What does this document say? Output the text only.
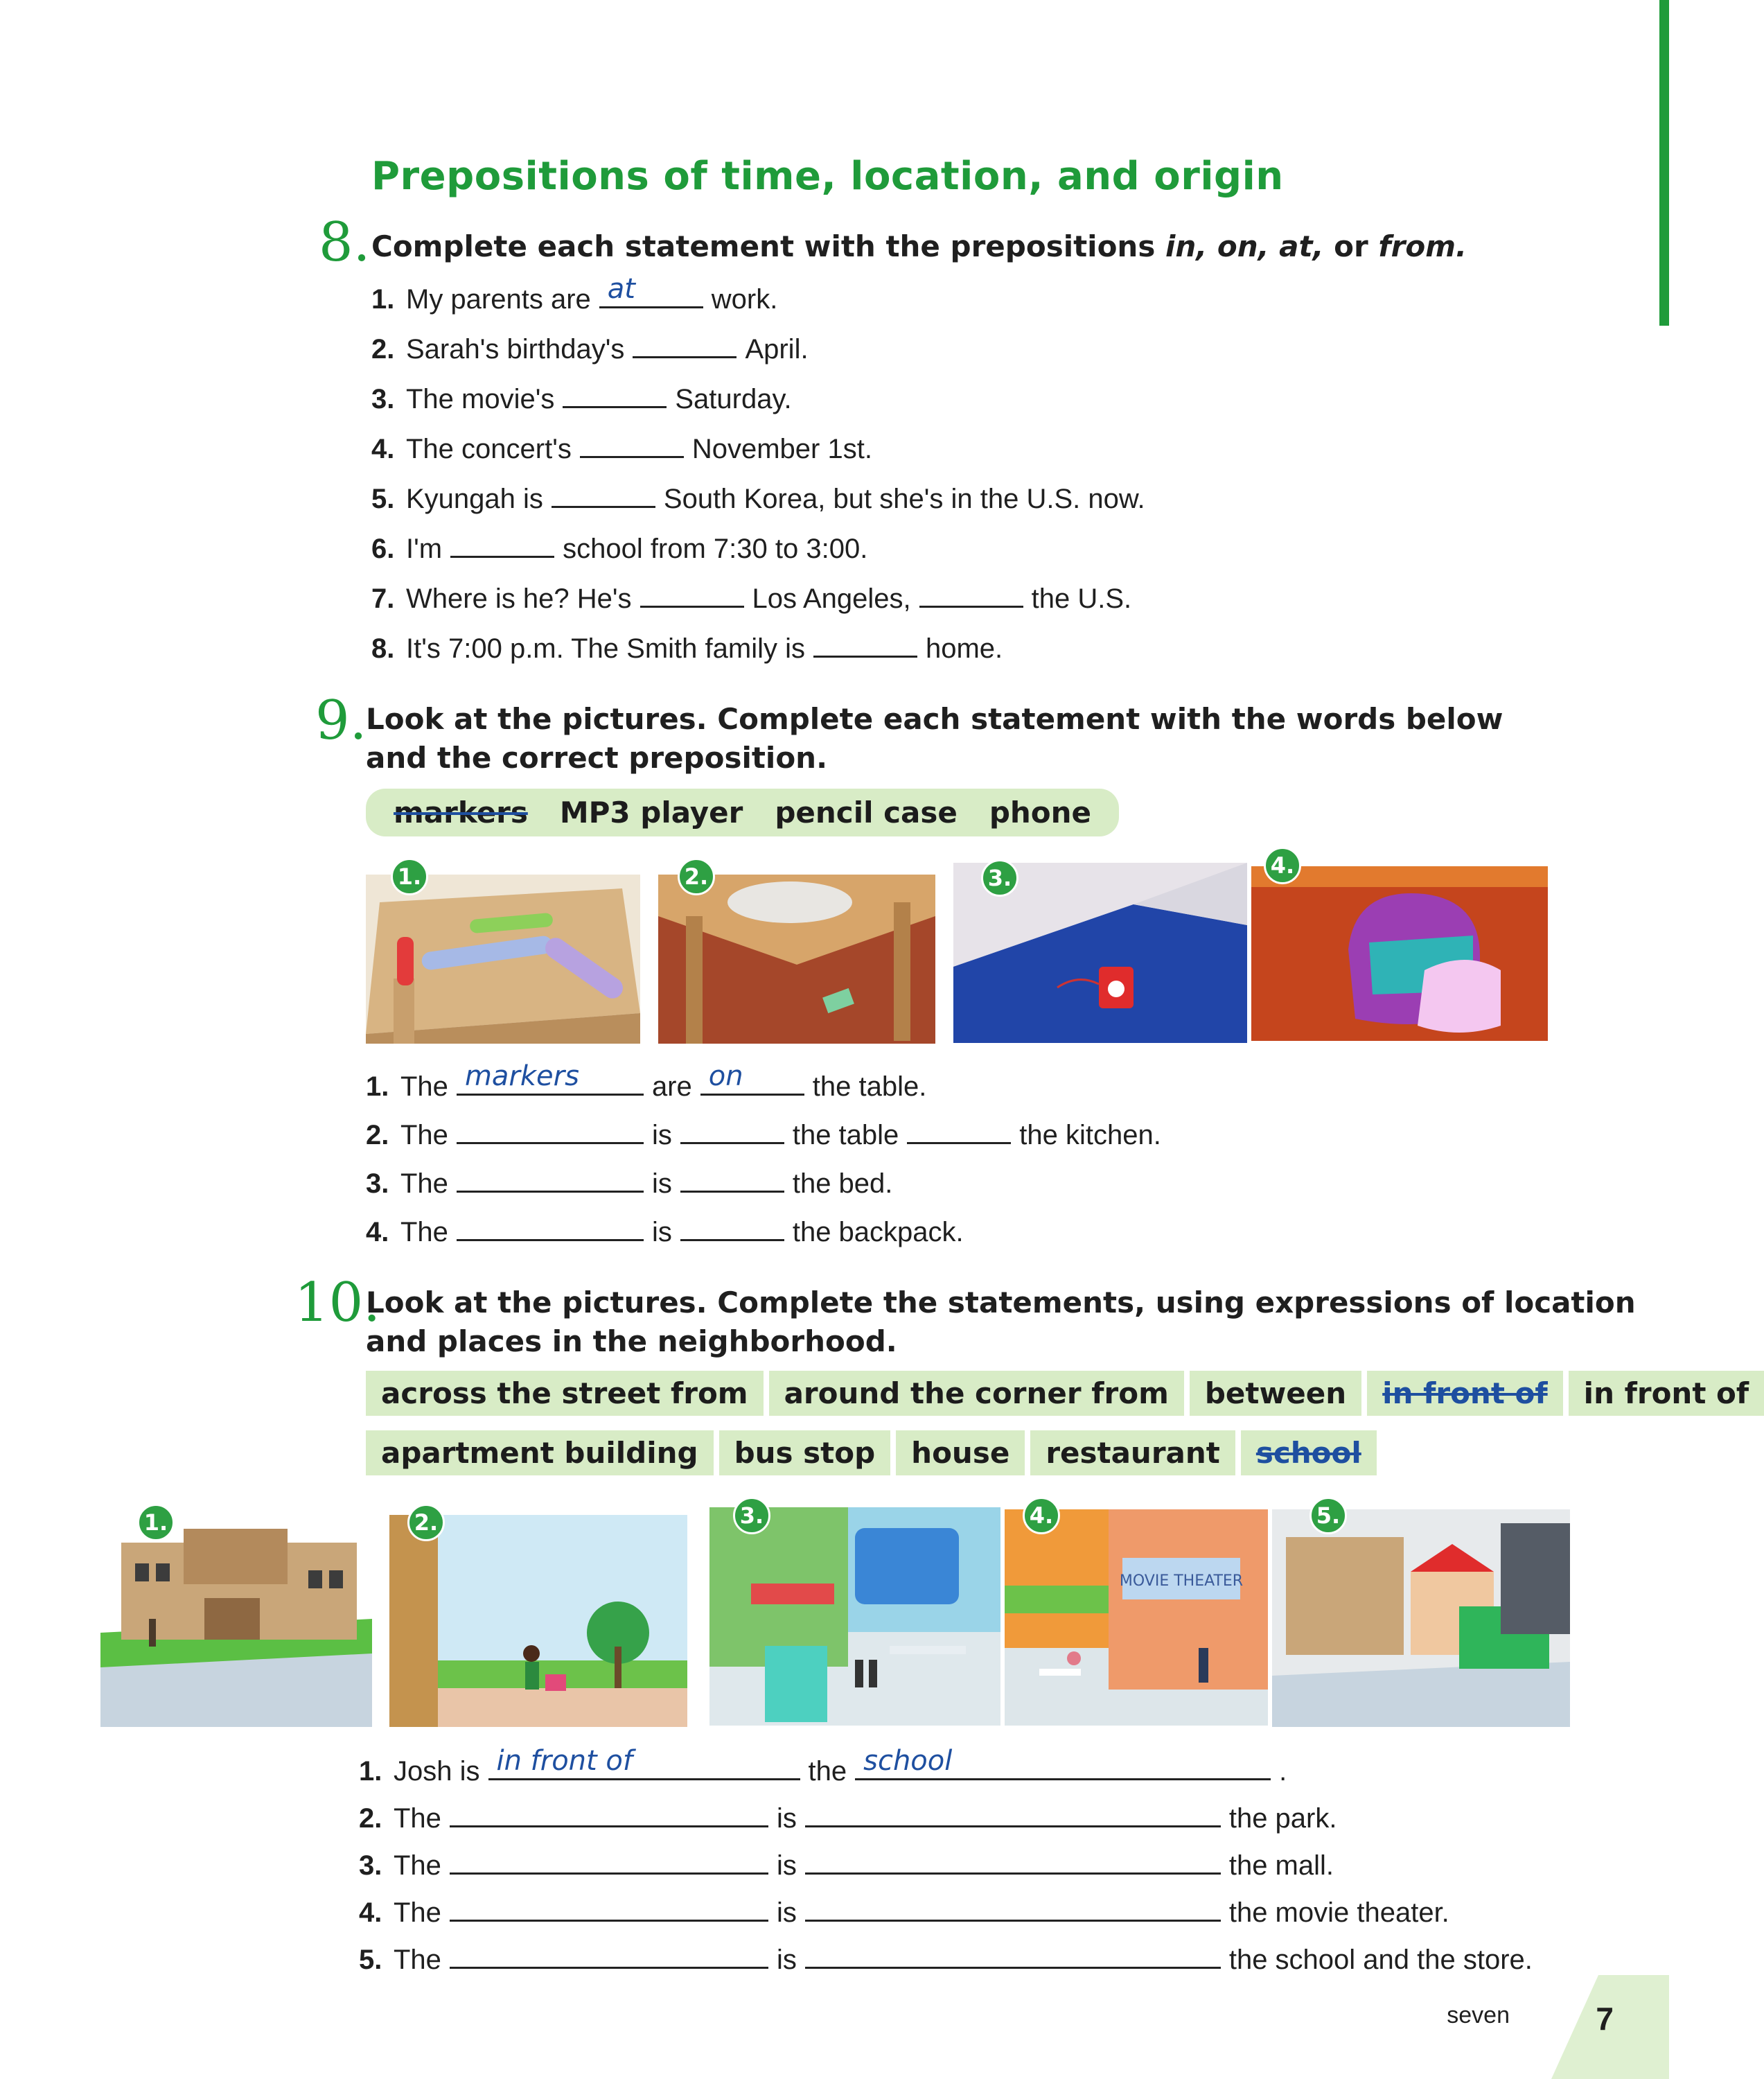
Prepositions of time, location, and origin
8. Complete each statement with the prepositions in, on, at, or from.
1. My parents are at	work.
2. Sarah's birthday's	April.
3. The movie's	Saturday.
4. The concert's	November 1st.
5. Kyungah is	South Korea, but she's in the U.S. now.
6. I'm	school from 7:30 to 3:00.
7. Where is he? He's	Los Angeles,	the U.S.
8. It's 7:00 p.m. The Smith family is	home.
9.
Look at the pictures. Complete each statement with the words below
and the correct preposition.
markers MP3 player pencil case phone
1.	2.	3.	4.
1. The markers	are on	the table.
2. The	is	the table	the kitchen.
3. The	is	the bed.
4. The	is	the backpack.
10.
Look at the pictures. Complete the statements, using expressions of location
and places in the neighborhood.
across the street from	around the corner from	between	in front of	in front of
apartment building	bus stop	house	restaurant	school
1.	2.	3.
MOVIE THEATER
4.	5.
1. Josh is in front of	the school	.
2. The	is	the park.
3. The	is	the mall.
4. The	is	the movie theater.
5. The	is	the school and the store.
seven	7
